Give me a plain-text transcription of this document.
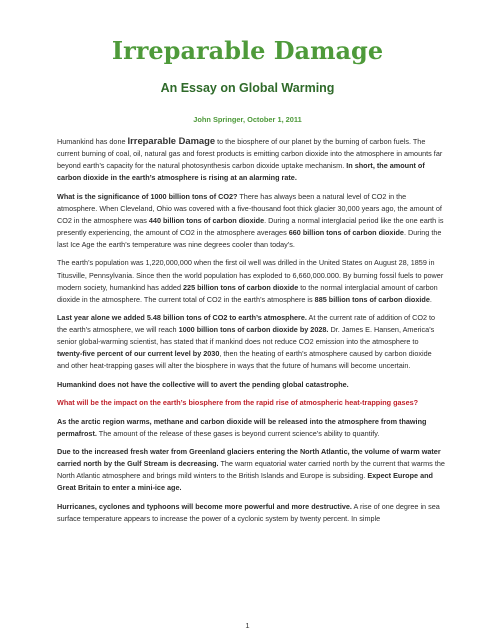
Irreparable Damage
An Essay on Global Warming
John Springer, October 1, 2011

Humankind has done Irreparable Damage to the biosphere of our planet by the burning of carbon fuels. The current burning of coal, oil, natural gas and forest products is emitting carbon dioxide into the atmosphere in amounts far beyond earth’s capacity for the natural photosynthesis carbon dioxide uptake mechanism. In short, the amount of carbon dioxide in the earth’s atmosphere is rising at an alarming rate.

What is the significance of 1000 billion tons of CO2? There has always been a natural level of CO2 in the atmosphere. When Cleveland, Ohio was covered with a five-thousand foot thick glacier 30,000 years ago, the amount of CO2 in the atmosphere was 440 billion tons of carbon dioxide. During a normal interglacial period like the one earth is presently experiencing, the amount of CO2 in the atmosphere averages 660 billion tons of carbon dioxide. During the last Ice Age the earth’s temperature was nine degrees cooler than today’s.

The earth’s population was 1,220,000,000 when the first oil well was drilled in the United States on August 28, 1859 in Titusville, Pennsylvania. Since then the world population has exploded to 6,660,000.000. By burning fossil fuels to power modern society, humankind has added 225 billion tons of carbon dioxide to the normal interglacial amount of carbon dioxide in the atmosphere. The current total of CO2 in the earth’s atmosphere is 885 billion tons of carbon dioxide.

Last year alone we added 5.48 billion tons of CO2 to earth’s atmosphere. At the current rate of addition of CO2 to the earth’s atmosphere, we will reach 1000 billion tons of carbon dioxide by 2028. Dr. James E. Hansen, America’s senior global-warming scientist, has stated that if mankind does not reduce CO2 emission into the atmosphere to twenty-five percent of our current level by 2030, then the heating of earth’s atmosphere caused by carbon dioxide and other heat-trapping gases will alter the biosphere in ways that the future of humans will become uncertain.

Humankind does not have the collective will to avert the pending global catastrophe.

What will be the impact on the earth’s biosphere from the rapid rise of atmospheric heat-trapping gases?

As the arctic region warms, methane and carbon dioxide will be released into the atmosphere from thawing permafrost. The amount of the release of these gases is beyond current science’s ability to quantify.

Due to the increased fresh water from Greenland glaciers entering the North Atlantic, the volume of warm water carried north by the Gulf Stream is decreasing. The warm equatorial water carried north by the current that warms the North Atlantic atmosphere and brings mild winters to the British Islands and Europe is subsiding. Expect Europe and Great Britain to enter a mini-ice age.

Hurricanes, cyclones and typhoons will become more powerful and more destructive. A rise of one degree in sea surface temperature appears to increase the power of a cyclonic system by twenty percent. In simple

1
